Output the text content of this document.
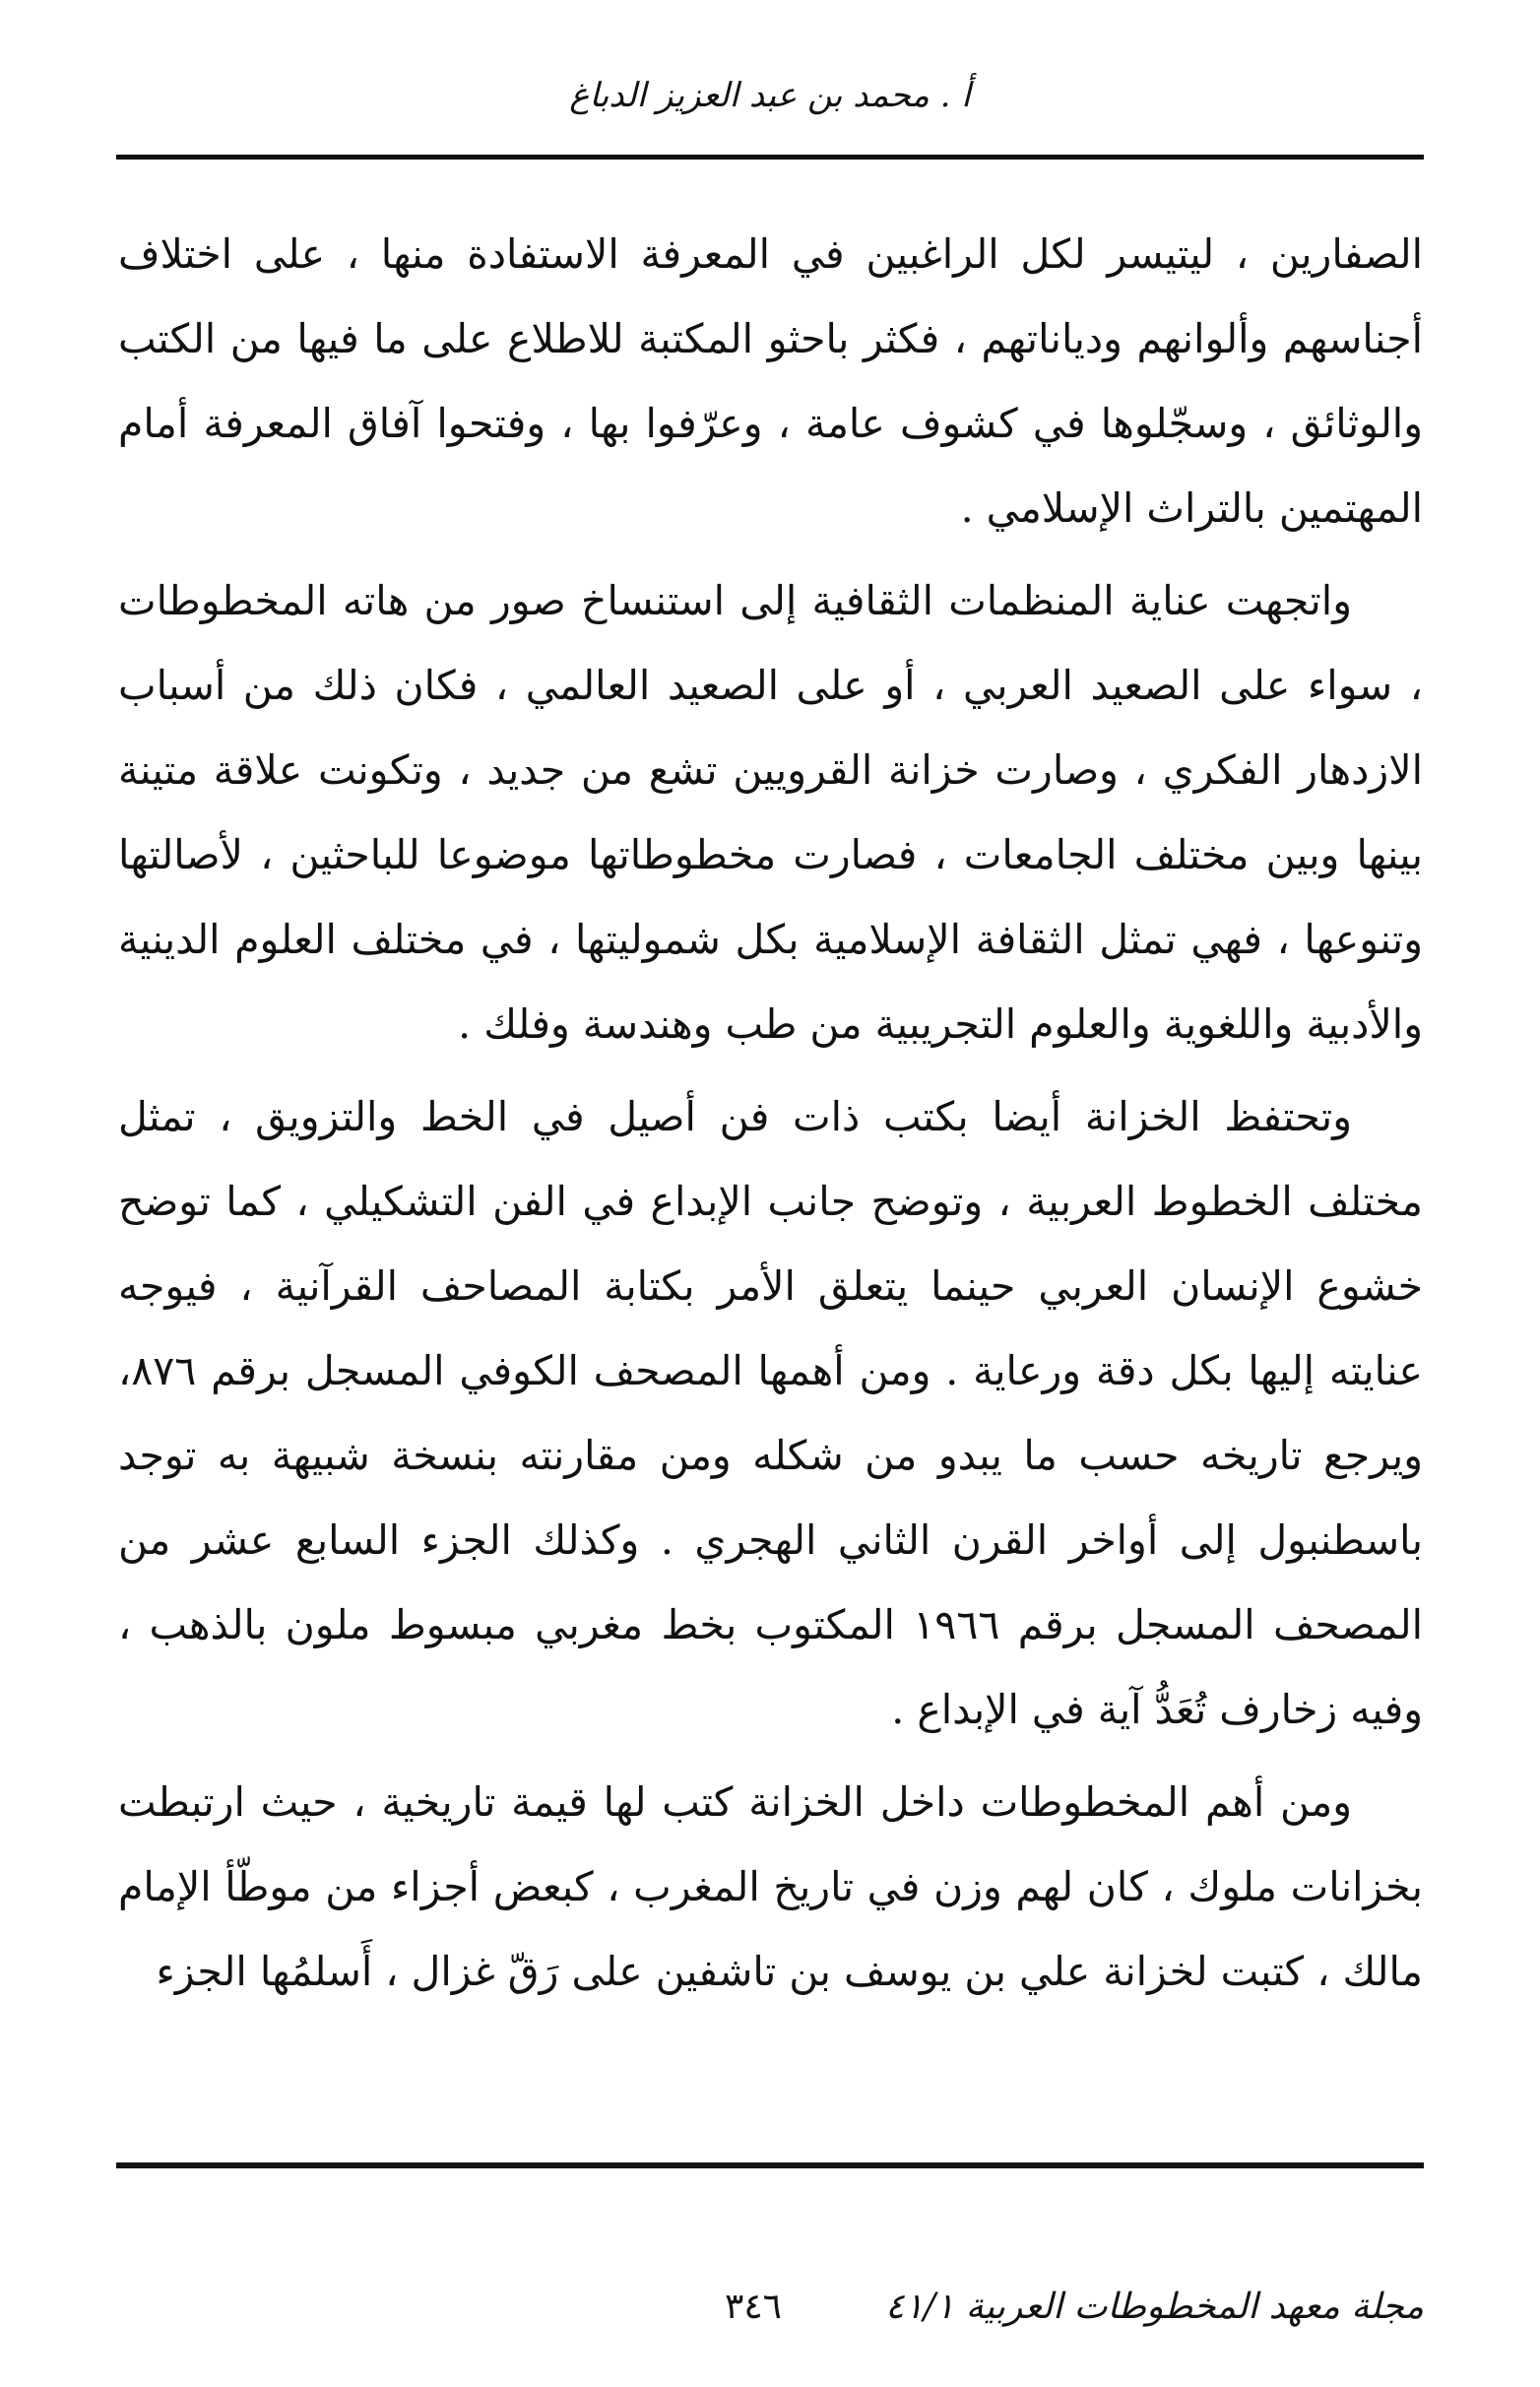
أ . محمد بن عبد العزيز الدباغ

الصفارين ، ليتيسر لكل الراغبين في المعرفة الاستفادة منها ، على اختلاف أجناسهم وألوانهم ودياناتهم ، فكثر باحثو المكتبة للاطلاع على ما فيها من الكتب والوثائق ، وسجّلوها في كشوف عامة ، وعرّفوا بها ، وفتحوا آفاق المعرفة أمام المهتمين بالتراث الإسلامي .

واتجهت عناية المنظمات الثقافية إلى استنساخ صور من هاته المخطوطات ، سواء على الصعيد العربي ، أو على الصعيد العالمي ، فكان ذلك من أسباب الازدهار الفكري ، وصارت خزانة القرويين تشع من جديد ، وتكونت علاقة متينة بينها وبين مختلف الجامعات ، فصارت مخطوطاتها موضوعا للباحثين ، لأصالتها وتنوعها ، فهي تمثل الثقافة الإسلامية بكل شموليتها ، في مختلف العلوم الدينية والأدبية واللغوية والعلوم التجريبية من طب وهندسة وفلك .

وتحتفظ الخزانة أيضا بكتب ذات فن أصيل في الخط والتزويق ، تمثل مختلف الخطوط العربية ، وتوضح جانب الإبداع في الفن التشكيلي ، كما توضح خشوع الإنسان العربي حينما يتعلق الأمر بكتابة المصاحف القرآنية ، فيوجه عنايته إليها بكل دقة ورعاية . ومن أهمها المصحف الكوفي المسجل برقم ٨٧٦، ويرجع تاريخه حسب ما يبدو من شكله ومن مقارنته بنسخة شبيهة به توجد باسطنبول إلى أواخر القرن الثاني الهجري . وكذلك الجزء السابع عشر من المصحف المسجل برقم ١٩٦٦ المكتوب بخط مغربي مبسوط ملون بالذهب ، وفيه زخارف تُعَدُّ آية في الإبداع .

ومن أهم المخطوطات داخل الخزانة كتب لها قيمة تاريخية ، حيث ارتبطت بخزانات ملوك ، كان لهم وزن في تاريخ المغرب ، كبعض أجزاء من موطّأ الإمام مالك ، كتبت لخزانة علي بن يوسف بن تاشفين على رَقّ غزال ، أَسلمُها الجزء

مجلة معهد المخطوطات العربية ٤١/١
٣٤٦
